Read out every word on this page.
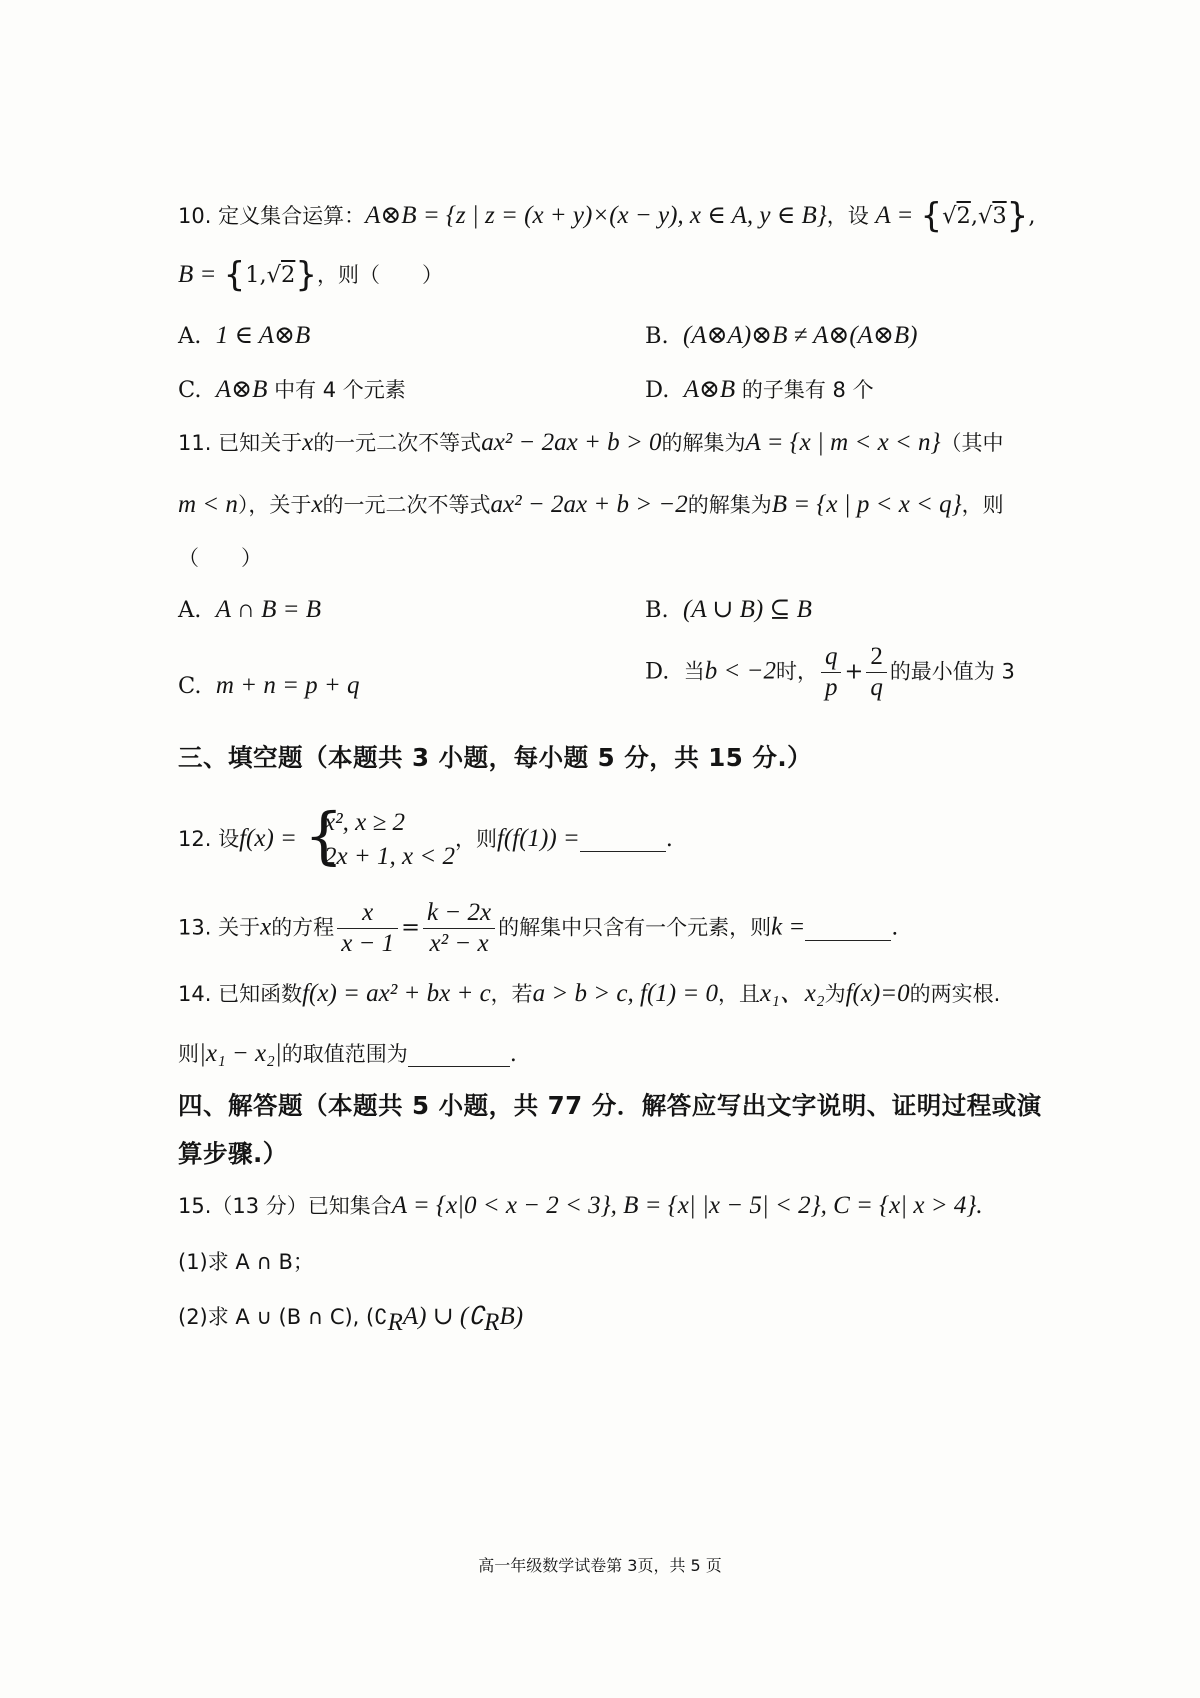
10. 定义集合运算：A⊗B = {z | z = (x + y)×(x − y), x ∈ A, y ∈ B}，设 A = {√2,√3},
B = {1,√2}，则（　　）
A. 1 ∈ A⊗B	B. (A⊗A)⊗B ≠ A⊗(A⊗B)
C. A⊗B 中有 4 个元素	D. A⊗B 的子集有 8 个
11. 已知关于x的一元二次不等式ax² − 2ax + b > 0的解集为A = {x | m < x < n}（其中
m < n），关于x的一元二次不等式ax² − 2ax + b > −2的解集为B = {x | p < x < q}，则
（　　）
A. A ∩ B = B	B. (A ∪ B) ⊆ B
C. m + n = p + q
D. 当b < −2时， $\frac{q}{p} + \frac{2}{q}$ 的最小值为 3
三、填空题（本题共 3 小题，每小题 5 分，共 15 分.）
12. 设f(x) = {
x², x ≥ 2
2x + 1, x < 2
，则f(f(1)) =	.
13. 关于x的方程 $\frac{x}{x - 1} = \frac{k - 2x}{\text{x² − x}}$ 的解集中只含有一个元素，则k =	.
14. 已知函数f(x) = ax² + bx + c，若a > b > c, f(1) = 0，且x₁、x₂为f(x)=0的两实根.
则|x₁ − x₂|的取值范围为	.
四、解答题（本题共 5 小题，共 77 分．解答应写出文字说明、证明过程或演
算步骤.）
15.（13 分）已知集合A = {x|0 < x − 2 < 3}, B = {x| |x − 5| < 2}, C = {x| x > 4}.
(1)求 A ∩ B；
(2)求 A ∪ (B ∩ C), $(∁_RA)$ ∪ $(∁_RB)$
高一年级数学试卷第 3页，共 5 页
